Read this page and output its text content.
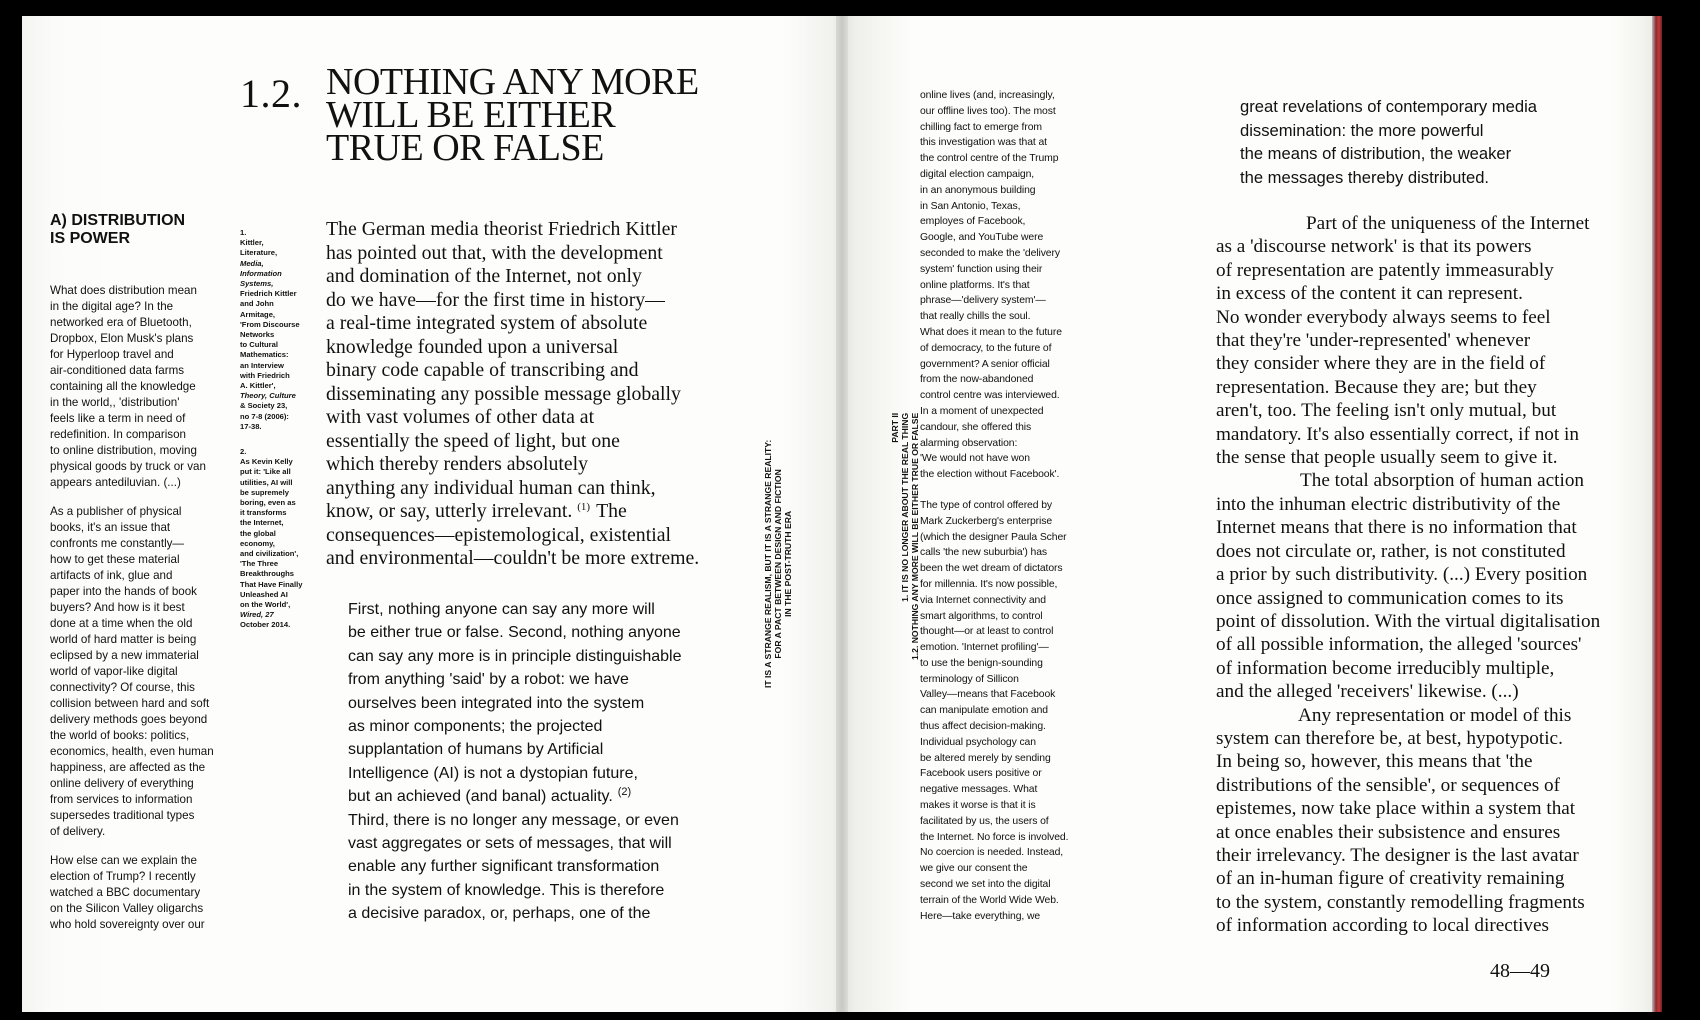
1.2. NOTHING ANY MORE
WILL BE EITHER
TRUE OR FALSE
A) DISTRIBUTION
IS POWER
What does distribution mean
in the digital age? In the
networked era of Bluetooth,
Dropbox, Elon Musk's plans
for Hyperloop travel and
air-conditioned data farms
containing all the knowledge
in the world,, 'distribution'
feels like a term in need of
redefinition. In comparison
to online distribution, moving
physical goods by truck or van
appears antediluvian. (...)
As a publisher of physical
books, it's an issue that
confronts me constantly—
how to get these material
artifacts of ink, glue and
paper into the hands of book
buyers? And how is it best
done at a time when the old
world of hard matter is being
eclipsed by a new immaterial
world of vapor-like digital
connectivity? Of course, this
collision between hard and soft
delivery methods goes beyond
the world of books: politics,
economics, health, even human
happiness, are affected as the
online delivery of everything
from services to information
supersedes traditional types
of delivery.
How else can we explain the
election of Trump? I recently
watched a BBC documentary
on the Silicon Valley oligarchs
who hold sovereignty over our
1.
Kittler,
Literature,
Media,
Information
Systems,
Friedrich Kittler
and John
Armitage,
'From Discourse
Networks
to Cultural
Mathematics:
an Interview
with Friedrich
A. Kittler',
Theory, Culture
& Society 23,
no 7-8 (2006):
17-38.
2.
As Kevin Kelly
put it: 'Like all
utilities, AI will
be supremely
boring, even as
it transforms
the Internet,
the global
economy,
and civilization',
'The Three
Breakthroughs
That Have Finally
Unleashed AI
on the World',
Wired, 27
October 2014.
The German media theorist Friedrich Kittler
has pointed out that, with the development
and domination of the Internet, not only
do we have—for the first time in history—
a real-time integrated system of absolute
knowledge founded upon a universal
binary code capable of transcribing and
disseminating any possible message globally
with vast volumes of other data at
essentially the speed of light, but one
which thereby renders absolutely
anything any individual human can think,
know, or say, utterly irrelevant. $^{(1)}$ The
consequences—epistemological, existential
and environmental—couldn't be more extreme.
First, nothing anyone can say any more will
be either true or false. Second, nothing anyone
can say any more is in principle distinguishable
from anything 'said' by a robot: we have
ourselves been integrated into the system
as minor components; the projected
supplantation of humans by Artificial
Intelligence (AI) is not a dystopian future,
but an achieved (and banal) actuality. $^{(2)}$
Third, there is no longer any message, or even
vast aggregates or sets of messages, that will
enable any further significant transformation
in the system of knowledge. This is therefore
a decisive paradox, or, perhaps, one of the
IT IS A STRANGE REALISM, BUT IT IS A STRANGE REALITY: FOR A PACT BETWEEN DESIGN AND FICTION IN THE POST-TRUTH ERA
PART II 1. IT IS NO LONGER ABOUT THE REAL THING 1.2. NOTHING ANY MORE WILL BE EITHER TRUE OR FALSE
online lives (and, increasingly,
our offline lives too). The most
chilling fact to emerge from
this investigation was that at
the control centre of the Trump
digital election campaign,
in an anonymous building
in San Antonio, Texas,
employes of Facebook,
Google, and YouTube were
seconded to make the 'delivery
system' function using their
online platforms. It's that
phrase—'delivery system'—
that really chills the soul.
What does it mean to the future
of democracy, to the future of
government? A senior official
from the now-abandoned
control centre was interviewed.
In a moment of unexpected
candour, she offered this
alarming observation:
'We would not have won
the election without Facebook'.
The type of control offered by
Mark Zuckerberg's enterprise
(which the designer Paula Scher
calls 'the new suburbia') has
been the wet dream of dictators
for millennia. It's now possible,
via Internet connectivity and
smart algorithms, to control
thought—or at least to control
emotion. 'Internet profiling'—
to use the benign-sounding
terminology of Sillicon
Valley—means that Facebook
can manipulate emotion and
thus affect decision-making.
Individual psychology can
be altered merely by sending
Facebook users positive or
negative messages. What
makes it worse is that it is
facilitated by us, the users of
the Internet. No force is involved.
No coercion is needed. Instead,
we give our consent the
second we set into the digital
terrain of the World Wide Web.
Here—take everything, we
great revelations of contemporary media
dissemination: the more powerful
the means of distribution, the weaker
the messages thereby distributed.
Part of the uniqueness of the Internet
as a 'discourse network' is that its powers
of representation are patently immeasurably
in excess of the content it can represent.
No wonder everybody always seems to feel
that they're 'under-represented' whenever
they consider where they are in the field of
representation. Because they are; but they
aren't, too. The feeling isn't only mutual, but
mandatory. It's also essentially correct, if not in
the sense that people usually seem to give it.
The total absorption of human action
into the inhuman electric distributivity of the
Internet means that there is no information that
does not circulate or, rather, is not constituted
a prior by such distributivity. (...) Every position
once assigned to communication comes to its
point of dissolution. With the virtual digitalisation
of all possible information, the alleged 'sources'
of information become irreducibly multiple,
and the alleged 'receivers' likewise. (...)
Any representation or model of this
system can therefore be, at best, hypotypotic.
In being so, however, this means that 'the
distributions of the sensible', or sequences of
epistemes, now take place within a system that
at once enables their subsistence and ensures
their irrelevancy. The designer is the last avatar
of an in-human figure of creativity remaining
to the system, constantly remodelling fragments
of information according to local directives
48—49
